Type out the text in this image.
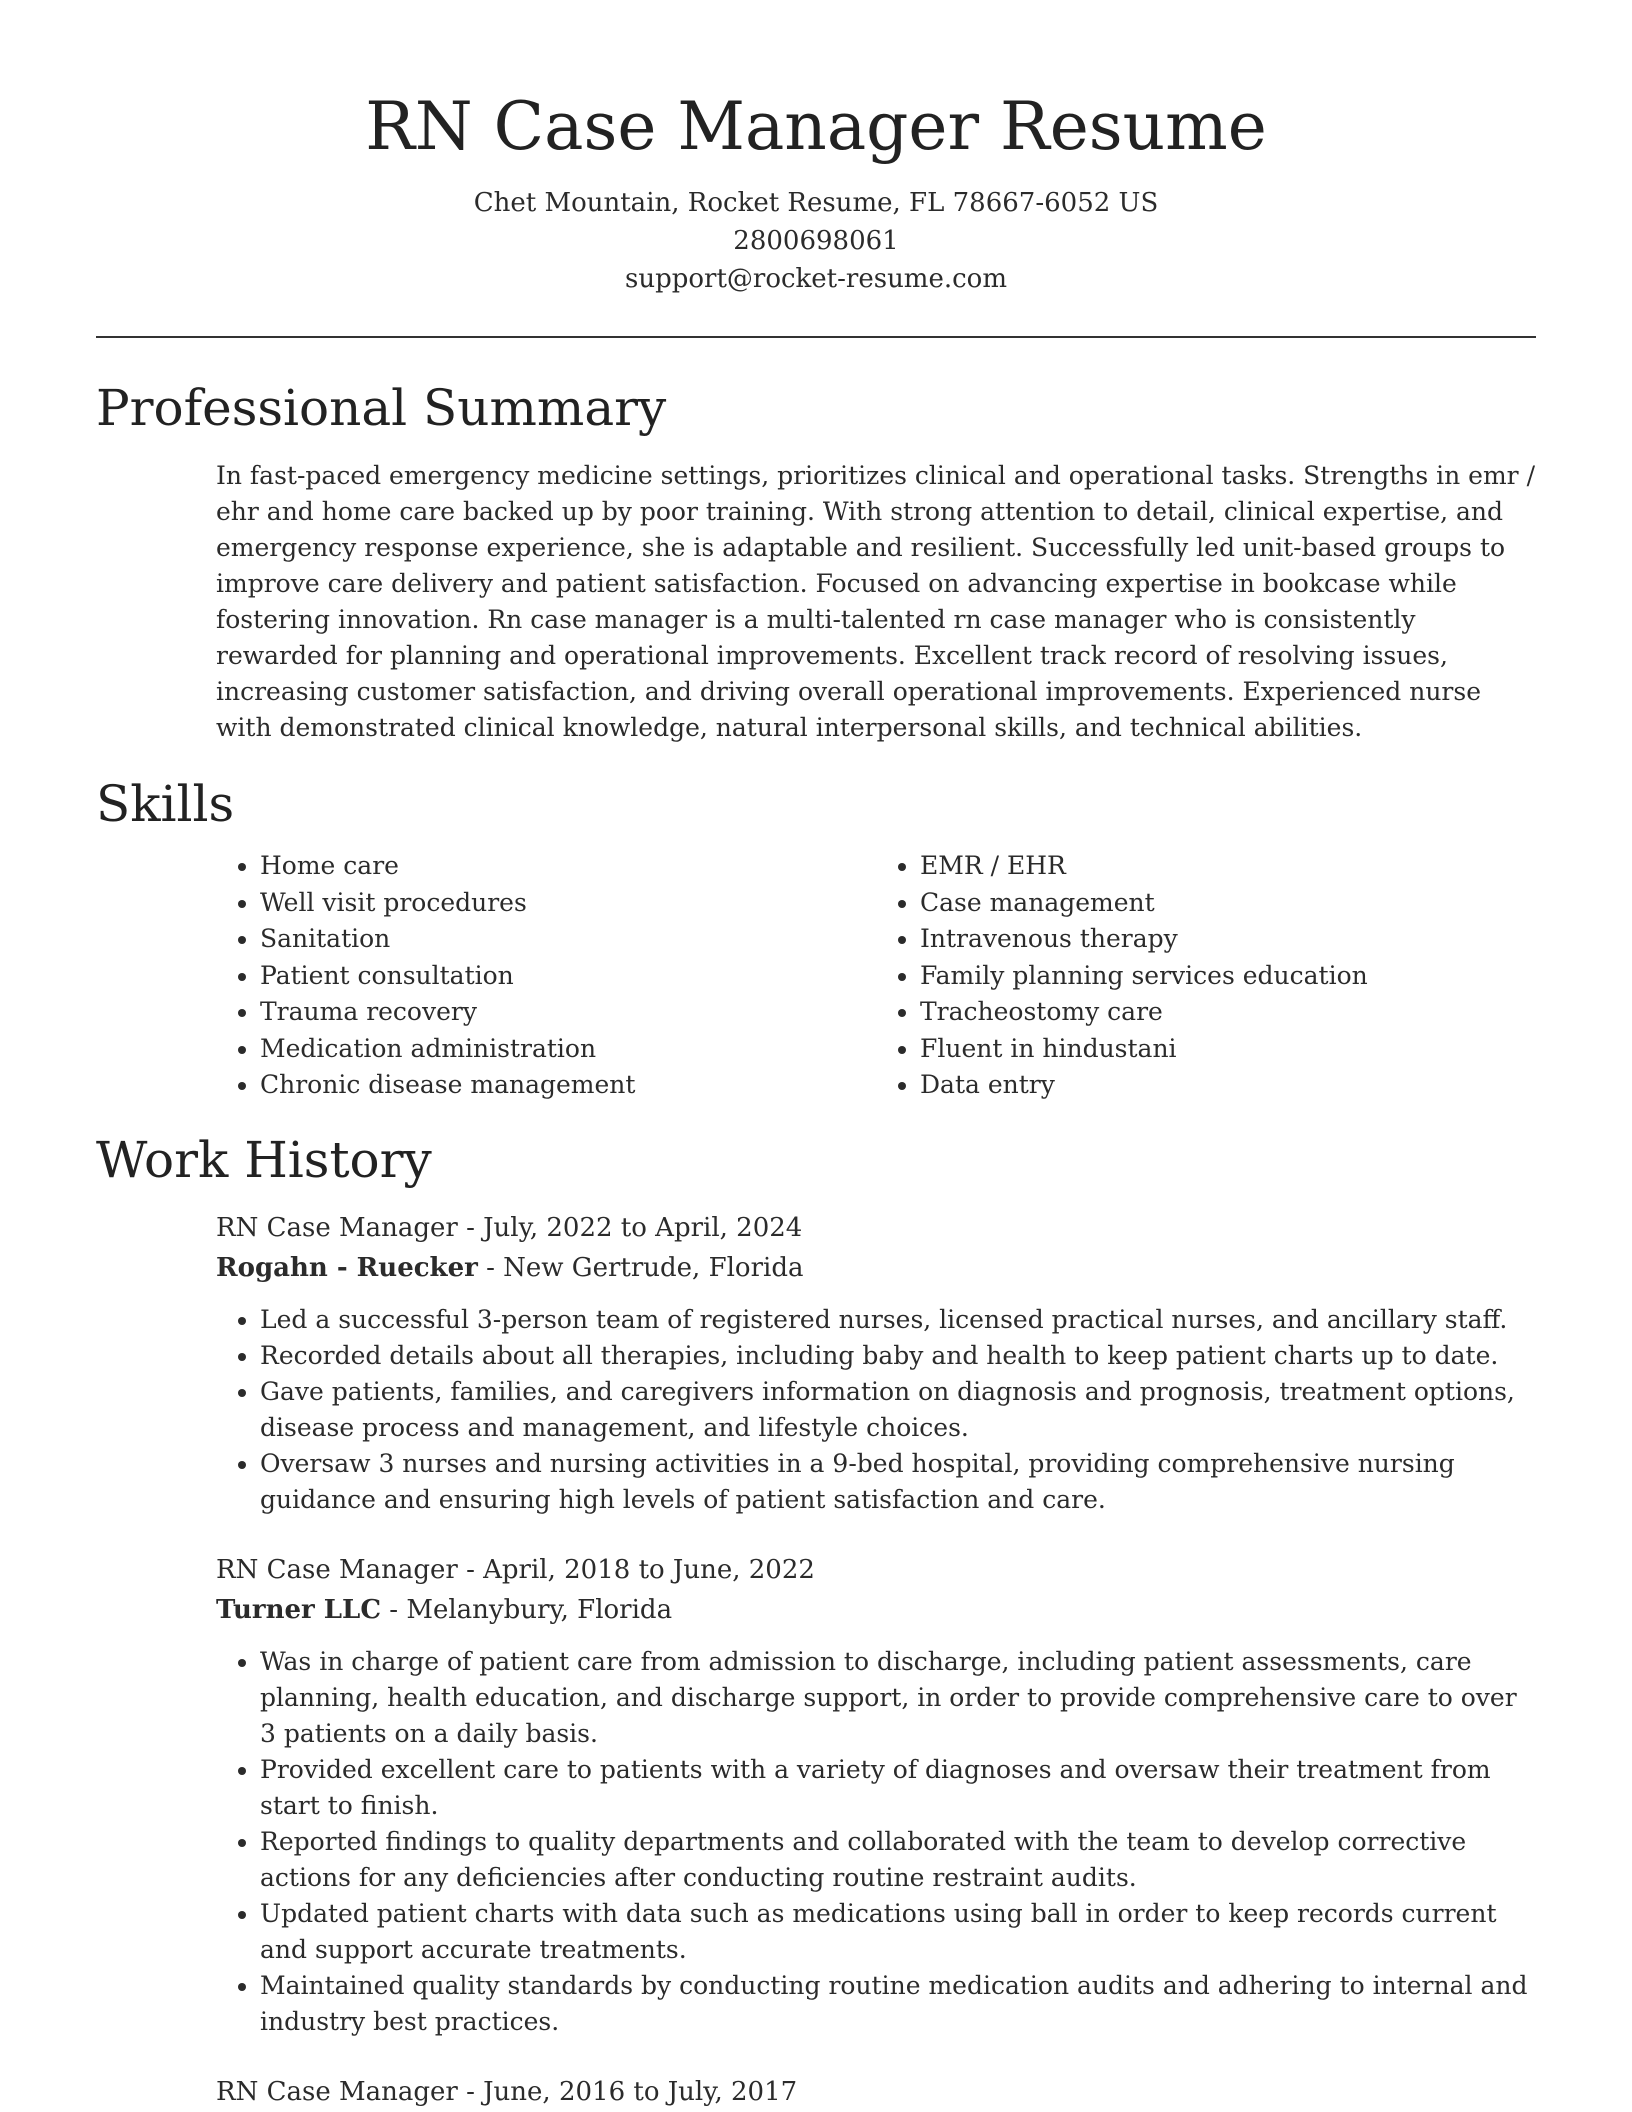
RN Case Manager Resume
Chet Mountain, Rocket Resume, FL 78667-6052 US
2800698061
support@rocket-resume.com
Professional Summary

In fast-paced emergency medicine settings, prioritizes clinical and operational tasks. Strengths in emr / ehr and home care backed up by poor training. With strong attention to detail, clinical expertise, and emergency response experience, she is adaptable and resilient. Successfully led unit-based groups to improve care delivery and patient satisfaction. Focused on advancing expertise in bookcase while fostering innovation. Rn case manager is a multi-talented rn case manager who is consistently rewarded for planning and operational improvements. Excellent track record of resolving issues, increasing customer satisfaction, and driving overall operational improvements. Experienced nurse with demonstrated clinical knowledge, natural interpersonal skills, and technical abilities.

Skills
• Home care
• Well visit procedures
• Sanitation
• Patient consultation
• Trauma recovery
• Medication administration
• Chronic disease management
• EMR / EHR
• Case management
• Intravenous therapy
• Family planning services education
• Tracheostomy care
• Fluent in hindustani
• Data entry
Work History
RN Case Manager - July, 2022 to April, 2024
Rogahn - Ruecker - New Gertrude, Florida
• Led a successful 3-person team of registered nurses, licensed practical nurses, and ancillary staff.
• Recorded details about all therapies, including baby and health to keep patient charts up to date.
• Gave patients, families, and caregivers information on diagnosis and prognosis, treatment options, disease process and management, and lifestyle choices.
• Oversaw 3 nurses and nursing activities in a 9-bed hospital, providing comprehensive nursing guidance and ensuring high levels of patient satisfaction and care.
RN Case Manager - April, 2018 to June, 2022
Turner LLC - Melanybury, Florida
• Was in charge of patient care from admission to discharge, including patient assessments, care planning, health education, and discharge support, in order to provide comprehensive care to over 3 patients on a daily basis.
• Provided excellent care to patients with a variety of diagnoses and oversaw their treatment from start to finish.
• Reported findings to quality departments and collaborated with the team to develop corrective actions for any deficiencies after conducting routine restraint audits.
• Updated patient charts with data such as medications using ball in order to keep records current and support accurate treatments.
• Maintained quality standards by conducting routine medication audits and adhering to internal and industry best practices.
RN Case Manager - June, 2016 to July, 2017
